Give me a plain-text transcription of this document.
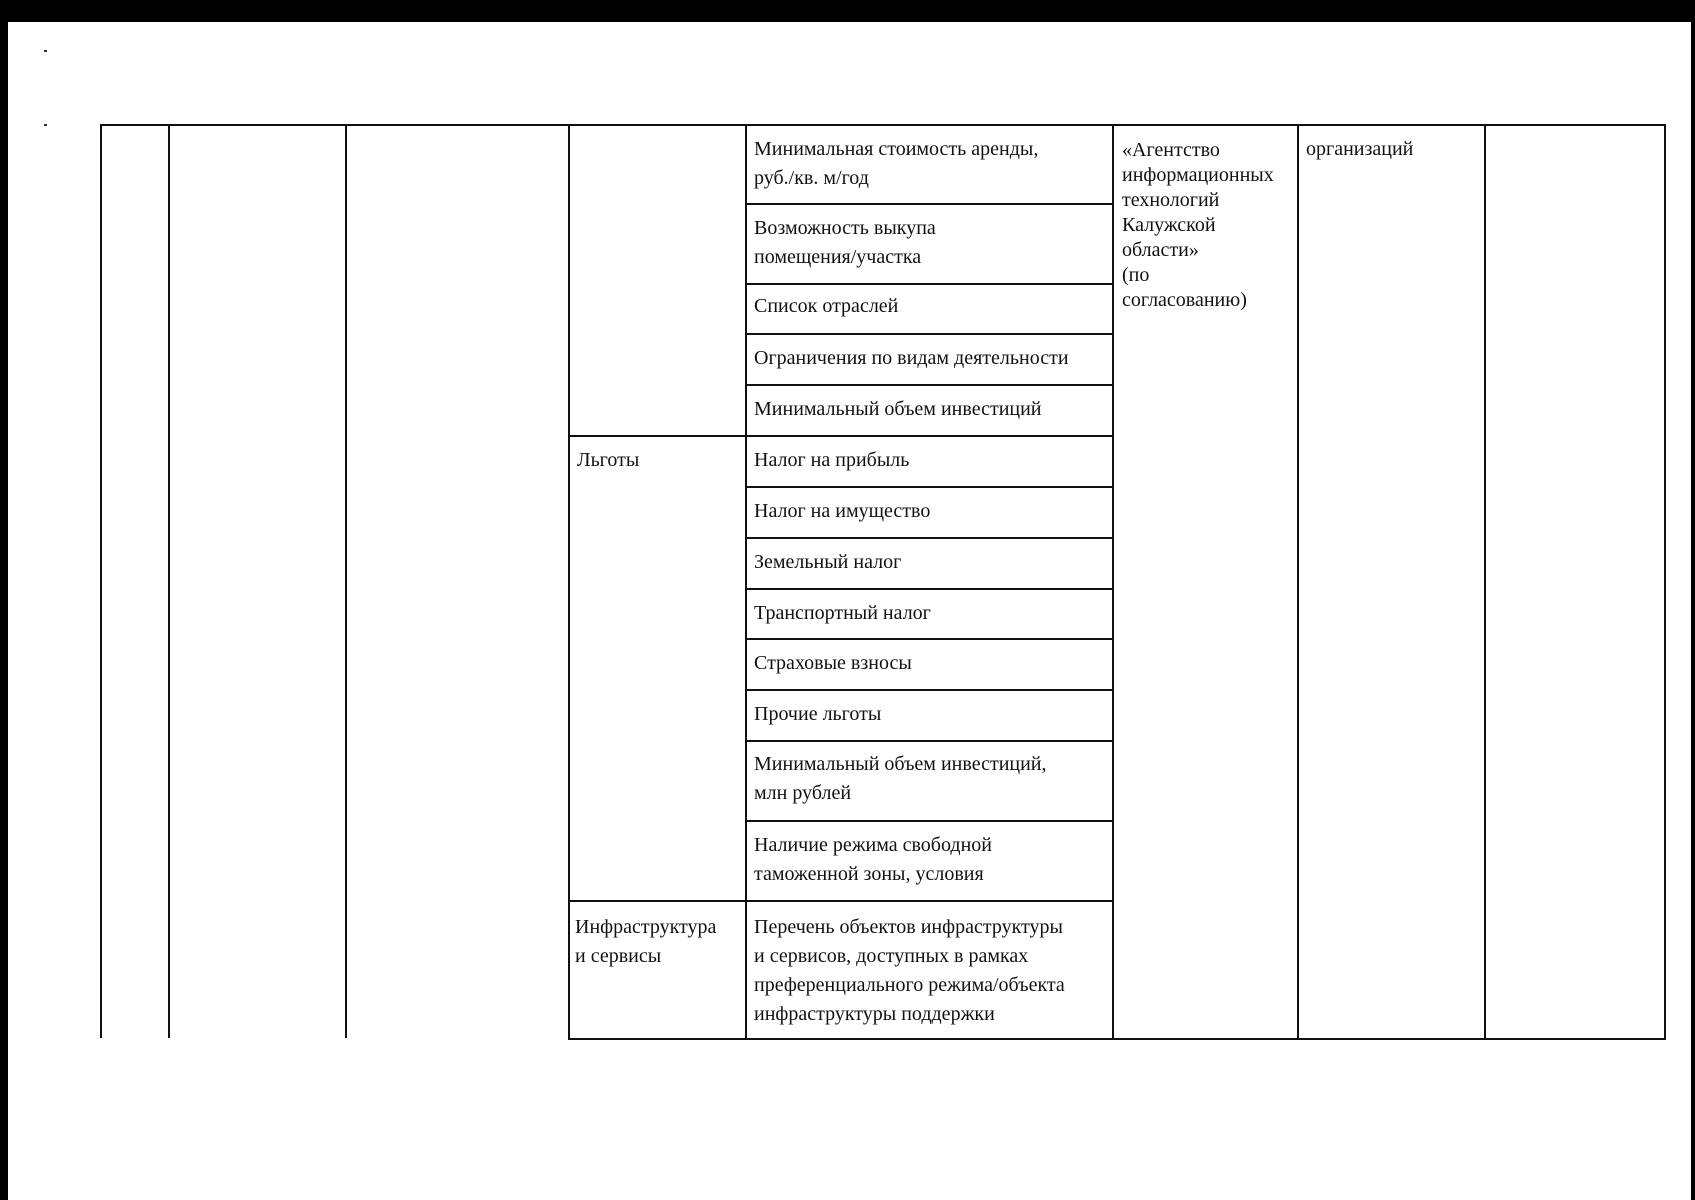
Льготы
Инфраструктура
и сервисы
Минимальная стоимость аренды,
руб./кв. м/год
Возможность выкупа
помещения/участка
Список отраслей
Ограничения по видам деятельности
Минимальный объем инвестиций
Налог на прибыль
Налог на имущество
Земельный налог
Транспортный налог
Страховые взносы
Прочие льготы
Минимальный объем инвестиций,
млн рублей
Наличие режима свободной
таможенной зоны, условия
Перечень объектов инфраструктуры
и сервисов, доступных в рамках
преференциального режима/объекта
инфраструктуры поддержки
«Агентство
информационных
технологий
Калужской
области»
(по
согласованию)
организаций
